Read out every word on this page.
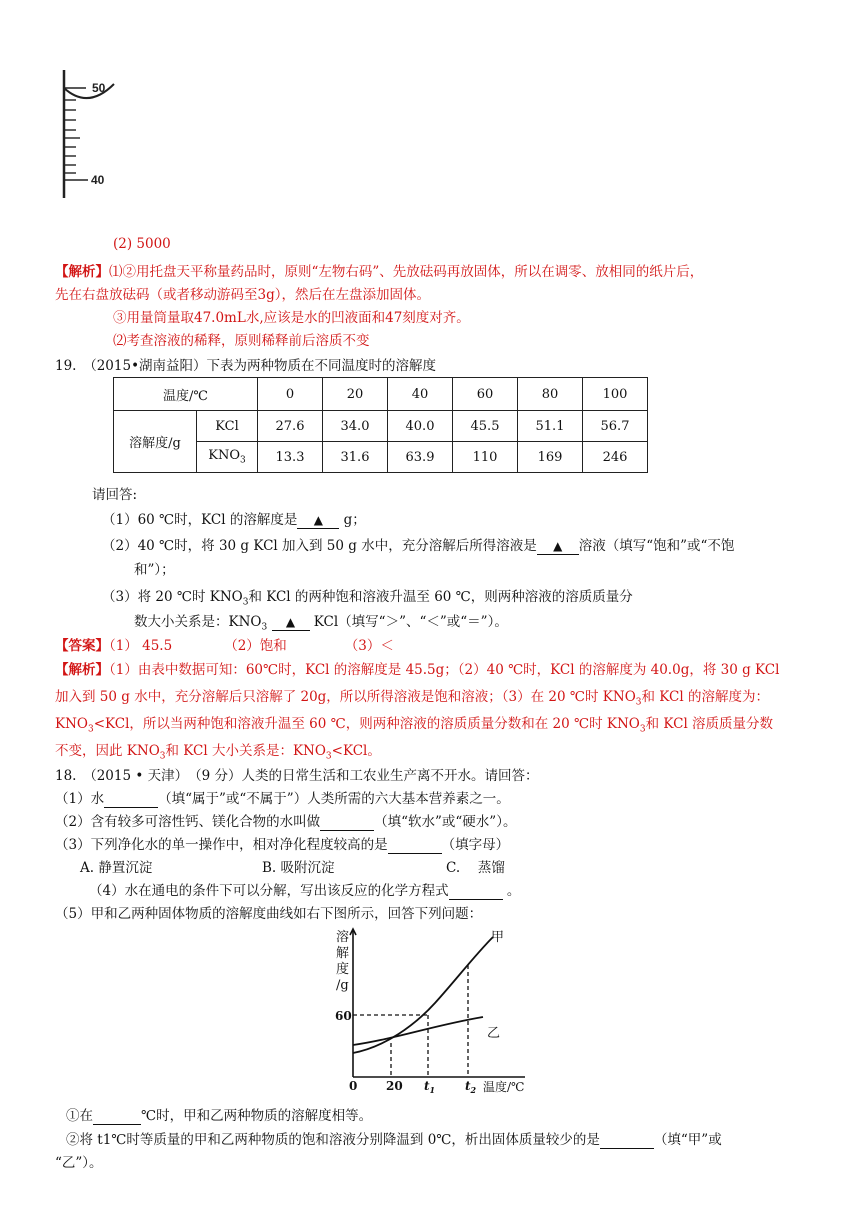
50
40
(2) 5000
【解析】⑴②用托盘天平称量药品时，原则“左物右码”、先放砝码再放固体，所以在调零、放相同的纸片后，
先在右盘放砝码（或者移动游码至3g），然后在左盘添加固体。
③用量筒量取47.0mL水,应该是水的凹液面和47刻度对齐。
⑵考查溶液的稀释，原则稀释前后溶质不变
19.　（2015•湖南益阳）下表为两种物质在不同温度时的溶解度
温度/℃		0	20	40	60	80	100
溶解度/g	KCl	27.6	34.0	40.0	45.5	51.1	56.7
	$KNO_3$	13.3	31.6	63.9	110	169	246
请回答:
（1）60 ℃时，KCl 的溶解度是 ▲ g；
（2）40 ℃时，将 30 g KCl 加入到 50 g 水中，充分溶解后所得溶液是 ▲ 溶液（填写“饱和”或“不饱
和”）；
（3）将 20 ℃时 $KNO_3$和 KCl 的两种饱和溶液升温至 60 ℃，则两种溶液的溶质质量分
数大小关系是：$KNO_3$ ▲ KCl（填写“＞”、“＜”或“＝”）。
【答案】（1） 45.5	（2）饱和	（3）＜
【解析】（1）由表中数据可知：60℃时，KCl 的溶解度是 45.5g；（2）40 ℃时，KCl 的溶解度为 40.0g，将 30 g KCl
加入到 50 g 水中，充分溶解后只溶解了 20g，所以所得溶液是饱和溶液；（3）在 20 ℃时 $KNO_3$和 KCl 的溶解度为：
$KNO_3<KCl$，所以当两种饱和溶液升温至 60 ℃，则两种溶液的溶质质量分数和在 20 ℃时 $KNO_3$和 KCl 溶质质量分数
不变，因此 $KNO_3$和 KCl 大小关系是：$KNO_3<KCl$。
18.　（2015 • 天津）　（9 分）人类的日常生活和工农业生产离不开水。请回答：
（1）水	（填“属于”或“不属于”）人类所需的六大基本营养素之一。
（2）含有较多可溶性钙、镁化合物的水叫做	（填“软水”或“硬水”）。
（3）下列净化水的单一操作中，相对净化程度较高的是	（填字母）
A. 静置沉淀	B. 吸附沉淀	C.　 蒸馏
（4）水在通电的条件下可以分解，写出该反应的化学方程式	。
（5）甲和乙两种固体物质的溶解度曲线如右下图所示，回答下列问题：
溶
解
度
/g
60
0 20 $t_1$ $t_2$ 温度/℃
甲
乙
①在	℃时，甲和乙两种物质的溶解度相等。
②将 t1℃时等质量的甲和乙两种物质的饱和溶液分别降温到 0℃，析出固体质量较少的是	（填“甲”或
“乙”）。
